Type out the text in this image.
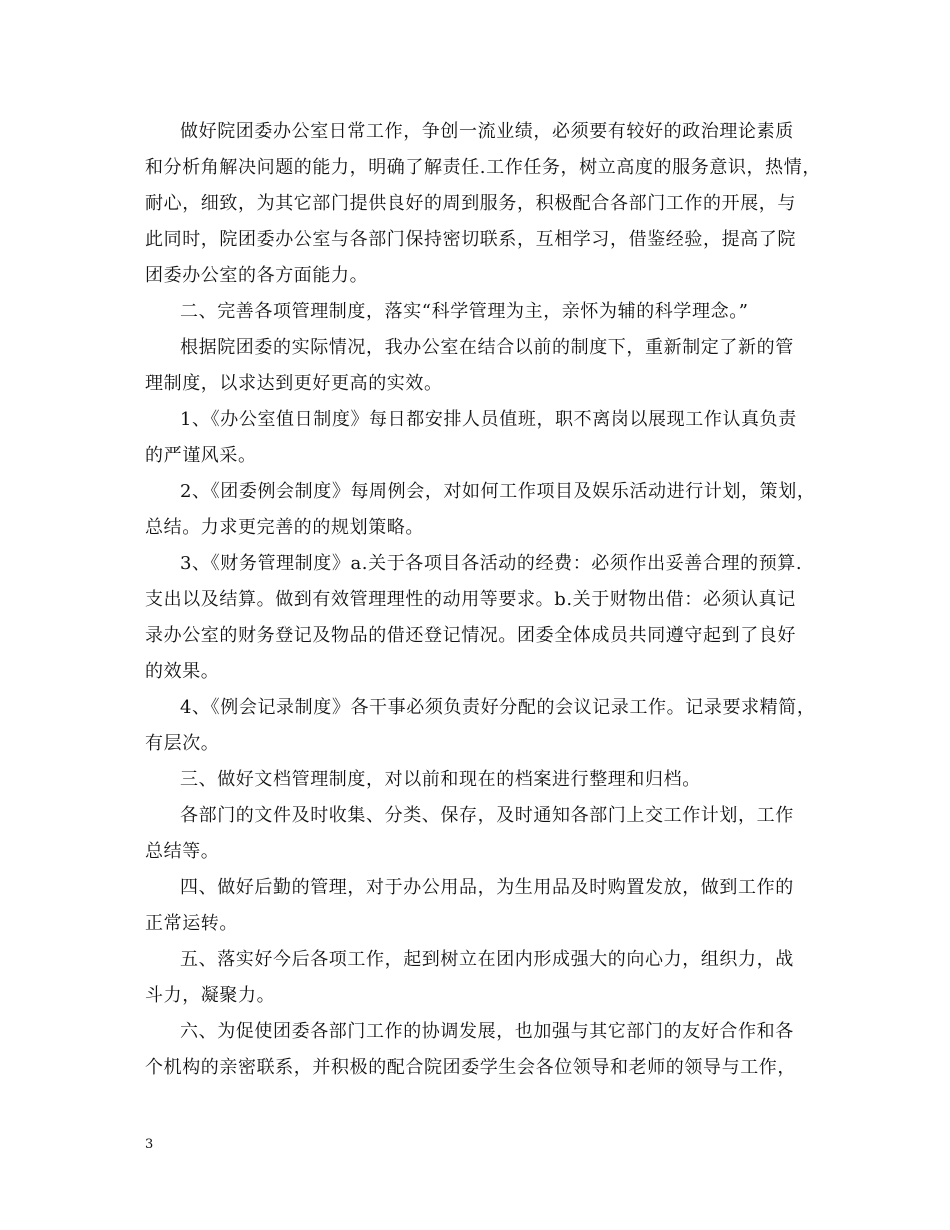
做好院团委办公室日常工作，争创一流业绩，必须要有较好的政治理论素质
和分析角解决问题的能力，明确了解责任.工作任务，树立高度的服务意识，热情，
耐心，细致，为其它部门提供良好的周到服务，积极配合各部门工作的开展，与
此同时，院团委办公室与各部门保持密切联系，互相学习，借鉴经验，提高了院
团委办公室的各方面能力。
二、完善各项管理制度，落实“科学管理为主，亲怀为辅的科学理念。”
根据院团委的实际情况，我办公室在结合以前的制度下，重新制定了新的管
理制度，以求达到更好更高的实效。
1、《办公室值日制度》每日都安排人员值班，职不离岗以展现工作认真负责
的严谨风采。
2、《团委例会制度》每周例会，对如何工作项目及娱乐活动进行计划，策划，
总结。力求更完善的的规划策略。
3、《财务管理制度》a.关于各项目各活动的经费：必须作出妥善合理的预算.
支出以及结算。做到有效管理理性的动用等要求。b.关于财物出借：必须认真记
录办公室的财务登记及物品的借还登记情况。团委全体成员共同遵守起到了良好
的效果。
4、《例会记录制度》各干事必须负责好分配的会议记录工作。记录要求精简，
有层次。
三、做好文档管理制度，对以前和现在的档案进行整理和归档。
各部门的文件及时收集、分类、保存，及时通知各部门上交工作计划，工作
总结等。
四、做好后勤的管理，对于办公用品，为生用品及时购置发放，做到工作的
正常运转。
五、落实好今后各项工作，起到树立在团内形成强大的向心力，组织力，战
斗力，凝聚力。
六、为促使团委各部门工作的协调发展，也加强与其它部门的友好合作和各
个机构的亲密联系，并积极的配合院团委学生会各位领导和老师的领导与工作，
3
